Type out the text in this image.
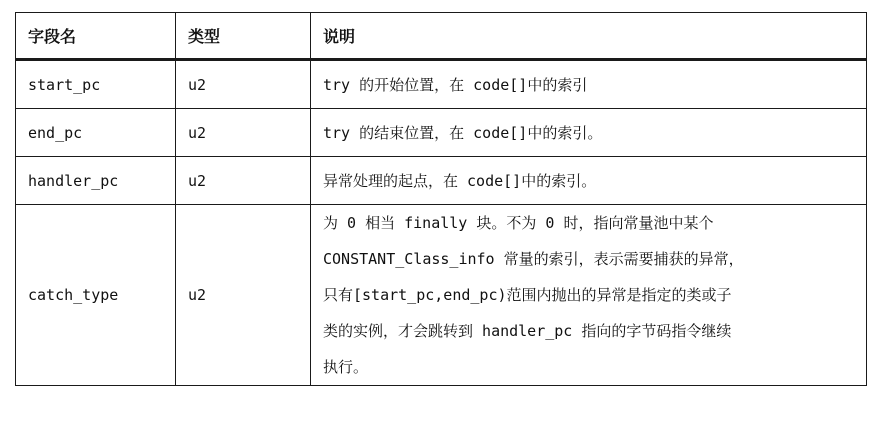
字段名	类型	说明
start_pc	u2	try 的开始位置，在 code[]中的索引
end_pc	u2	try 的结束位置，在 code[]中的索引。
handler_pc	u2	异常处理的起点，在 code[]中的索引。
catch_type	u2	为 0 相当 finally 块。不为 0 时，指向常量池中某个
CONSTANT_Class_info 常量的索引，表示需要捕获的异常，
只有[start_pc,end_pc)范围内抛出的异常是指定的类或子
类的实例，才会跳转到 handler_pc 指向的字节码指令继续
执行。
